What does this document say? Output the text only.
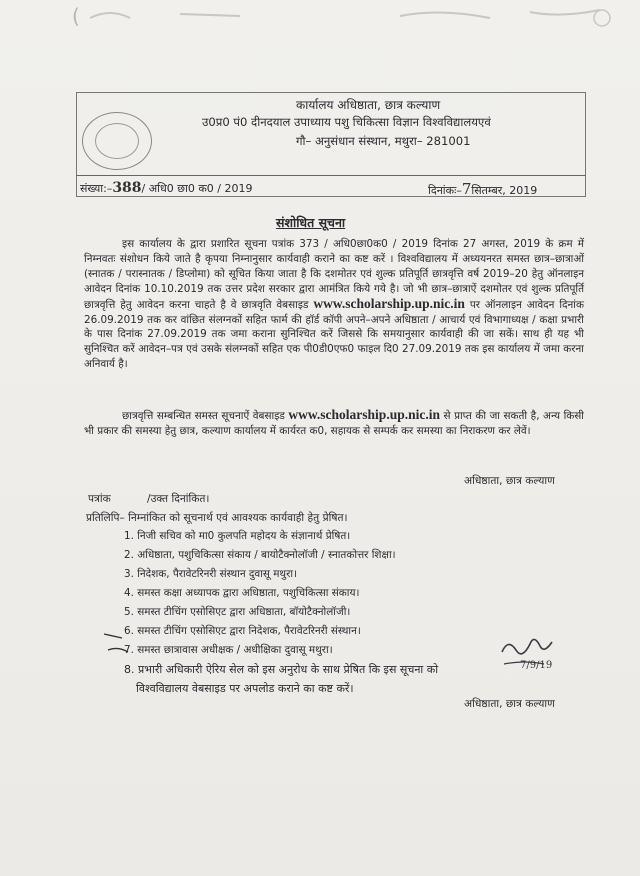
(
कार्यालय अधिष्ठाता, छात्र कल्याण
उ0प्र0 पं0 दीनदयाल उपाध्याय पशु चिकित्सा विज्ञान विश्वविद्यालयएवं
गौ– अनुसंधान संस्थान, मथुरा– 281001
संख्या:–388/ अधि0 छा0 क0 / 2019	दिनांकः–7सितम्बर, 2019
संशोधित सूचना
इस कार्यालय के द्वारा प्रशारित सूचना पत्रांक 373 / अधि0छा0क0 / 2019 दिनांक 27 अगस्त, 2019 के क्रम में निम्नवतः संशोधन किये जाते है कृपया निम्नानुसार कार्यवाही कराने का कष्ट करें । विश्वविद्यालय में अध्ययनरत समस्त छात्र–छात्राओं (स्नातक / परास्नातक / डिप्लोमा) को सूचित किया जाता है कि दशमोतर एवं शुल्क प्रतिपूर्ति छात्रवृत्ति वर्ष 2019–20 हेतु ऑनलाइन आवेदन दिनांक 10.10.2019 तक उत्तर प्रदेश सरकार द्वारा आमंत्रित किये गये है। जो भी छात्र–छात्राऐं दशमोतर एवं शुल्क प्रतिपूर्ति छात्रवृत्ति हेतु आवेदन करना चाहते है वे छात्रवृति वेबसाइड www.scholarship.up.nic.in पर ऑनलाइन आवेदन दिनांक 26.09.2019 तक कर वांछित संलग्नकों सहित फार्म की हॉर्ड कॉपी अपने–अपने अधिष्ठाता / आचार्य एवं विभागाध्यक्ष / कक्षा प्रभारी के पास दिनांक 27.09.2019 तक जमा कराना सुनिश्चित करें जिससे कि समयानुसार कार्यवाही की जा सकें। साथ ही यह भी सुनिश्चित करें आवेदन–पत्र एवं उसके संलग्नकों सहित एक पी0डी0एफ0 फाइल दि0 27.09.2019 तक इस कार्यालय में जमा करना अनिवार्य है।
छात्रवृत्ति सम्बन्धित समस्त सूचनाऐं वेबसाइड www.scholarship.up.nic.in से प्राप्त की जा सकती है, अन्य किसी भी प्रकार की समस्या हेतु छात्र, कल्याण कार्यालय में कार्यरत क0, सहायक से सम्पर्क कर समस्या का निराकरण कर लेवें।
अधिष्ठाता, छात्र कल्याण
पत्रांक	/उक्त दिनांकित।
प्रतिलिपि– निम्नांकित को सूचनार्थ एवं आवश्यक कार्यवाही हेतु प्रेषित।
1. निजी सचिव को मा0 कुलपति महोदय के संज्ञानार्थ प्रेषित।
2. अधिष्ठाता, पशुचिकित्सा संकाय / बायोटैक्नोलॉजी / स्नातकोत्तर शिक्षा।
3. निदेशक, पैरावेटरिनरी संस्थान दुवासू मथुरा।
4. समस्त कक्षा अध्यापक द्वारा अधिष्ठाता, पशुचिकित्सा संकाय।
5. समस्त टीचिंग एसोसिएट द्वारा अधिष्ठाता, बॉयोटैक्नोलॉजी।
6. समस्त टीचिंग एसोसिएट द्वारा निदेशक, पैरावेटरिनरी संस्थान।
7. समस्त छात्रावास अधीक्षक / अधीक्षिका दुवासू मथुरा।
8. प्रभारी अधिकारी ऐरिय सेल को इस अनुरोध के साथ प्रेषित कि इस सूचना को
विश्वविद्यालय वेबसाइड पर अपलोड कराने का कष्ट करें।
7/9/19
अधिष्ठाता, छात्र कल्याण
